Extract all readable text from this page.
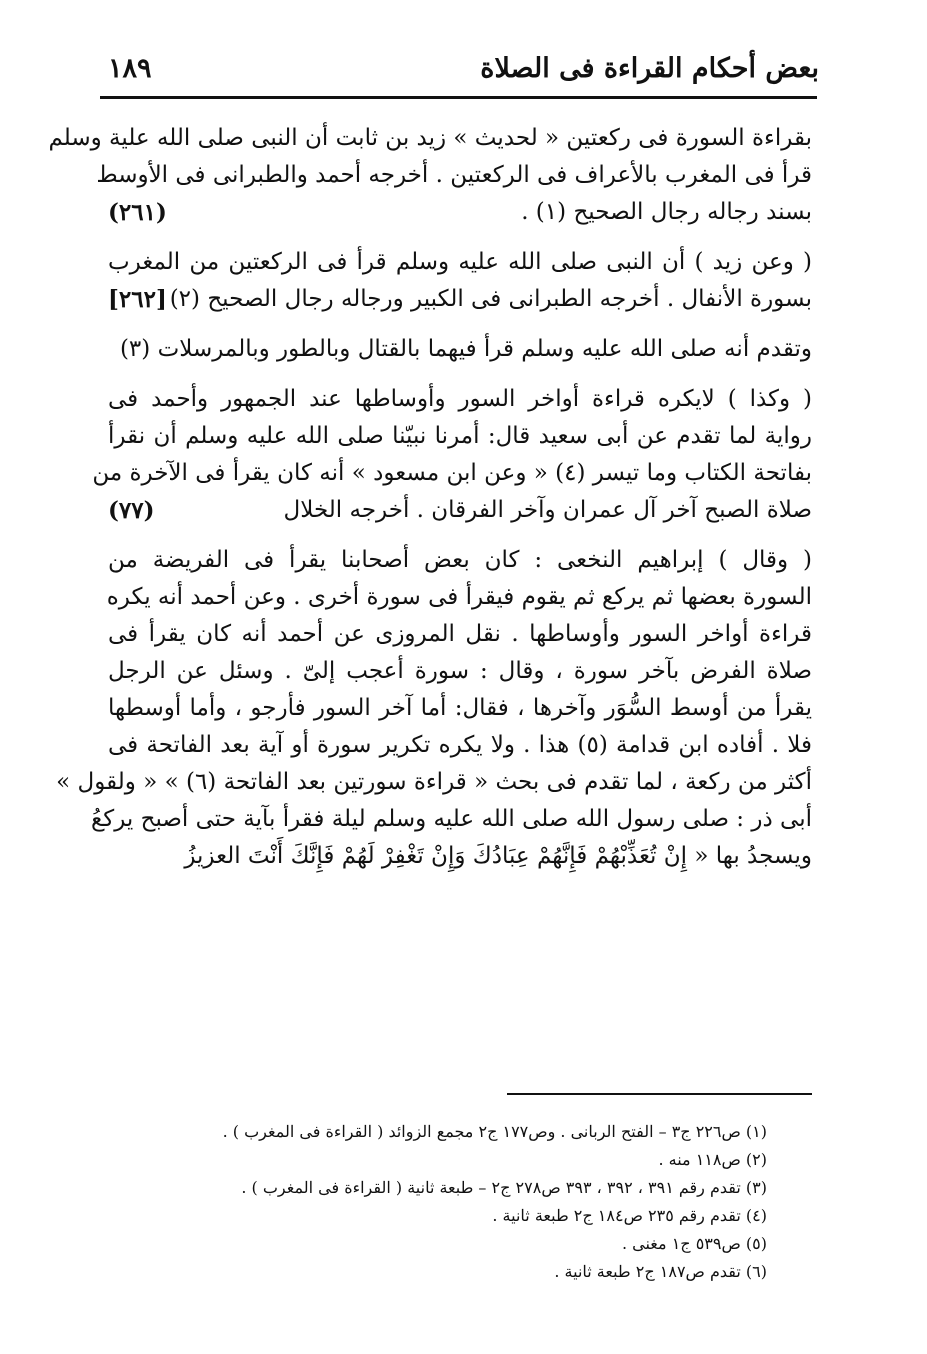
بعض أحكام القراءة فى الصلاة
١٨٩
بقراءة السورة فى ركعتين « لحديث » زيد بن ثابت أن النبى صلى الله علية وسلم
قرأ فى المغرب بالأعراف فى الركعتين . أخرجه أحمد والطبرانى فى الأوسط
بسند رجاله رجال الصحيح (١) .
(٢٦١)
( وعن زيد ) أن النبى صلى الله عليه وسلم قرأ فى الركعتين من المغرب
بسورة الأنفال . أخرجه الطبرانى فى الكبير ورجاله رجال الصحيح (٢)
[٢٦٢]
وتقدم أنه صلى الله عليه وسلم قرأ فيهما بالقتال وبالطور وبالمرسلات (٣)
( وكذا ) لايكره قراءة أواخر السور وأوساطها عند الجمهور وأحمد فى
رواية لما تقدم عن أبى سعيد قال: أمرنا نبيّنا صلى الله عليه وسلم أن نقرأ
بفاتحة الكتاب وما تيسر (٤) « وعن ابن مسعود » أنه كان يقرأ فى الآخرة من
صلاة الصبح آخر آل عمران وآخر الفرقان . أخرجه الخلال
(٧٧)
( وقال ) إبراهيم النخعى : كان بعض أصحابنا يقرأ فى الفريضة من
السورة بعضها ثم يركع ثم يقوم فيقرأ فى سورة أخرى . وعن أحمد أنه يكره
قراءة أواخر السور وأوساطها . نقل المروزى عن أحمد أنه كان يقرأ فى
صلاة الفرض بآخر سورة ، وقال : سورة أعجب إلىّ . وسئل عن الرجل
يقرأ من أوسط السُّوَر وآخرها ، فقال: أما آخر السور فأرجو ، وأما أوسطها
فلا . أفاده ابن قدامة (٥) هذا . ولا يكره تكرير سورة أو آية بعد الفاتحة فى
أكثر من ركعة ، لما تقدم فى بحث « قراءة سورتين بعد الفاتحة (٦) » « ولقول »
أبى ذر : صلى رسول الله صلى الله عليه وسلم ليلة فقرأ بآية حتى أصبح يركعُ
ويسجدُ بها « إِنْ تُعَذِّبْهُمْ فَإِنَّهُمْ عِبَادُكَ وَإِنْ تَغْفِرْ لَهُمْ فَإِنَّكَ أَنْتَ العزيزُ
(١) ص٢٢٦ ج٣ – الفتح الربانى . وص١٧٧ ج٢ مجمع الزوائد ( القراءة فى المغرب ) .
(٢) ص١١٨ منه .
(٣) تقدم رقم ٣٩١ ، ٣٩٢ ، ٣٩٣ ص٢٧٨ ج٢ – طبعة ثانية ( القراءة فى المغرب ) .
(٤) تقدم رقم ٢٣٥ ص١٨٤ ج٢ طبعة ثانية .
(٥) ص٥٣٩ ج١ مغنى .
(٦) تقدم ص١٨٧ ج٢ طبعة ثانية .
